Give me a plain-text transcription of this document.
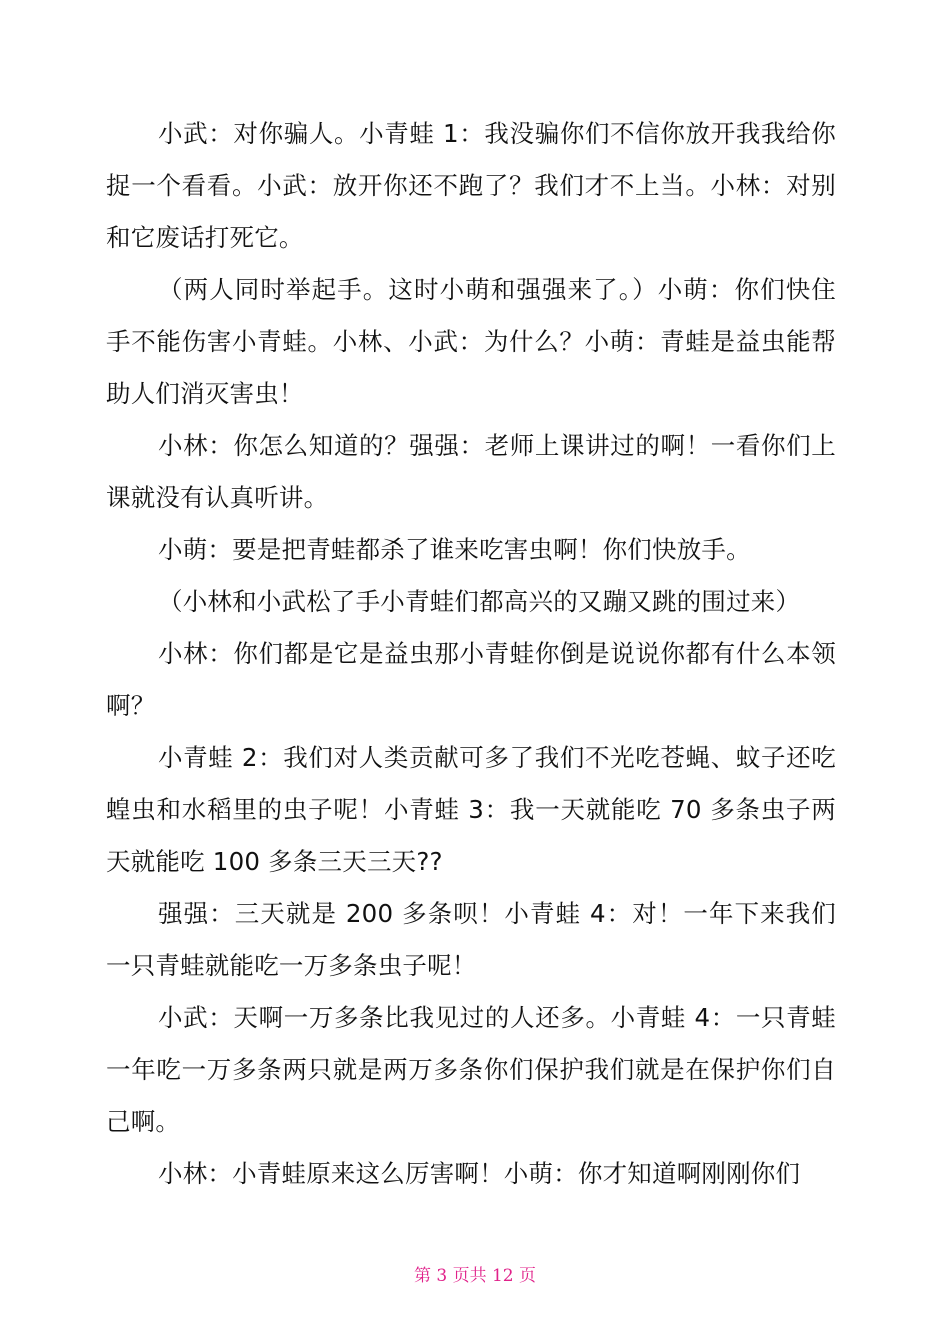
小武：对你骗人。小青蛙 1：我没骗你们不信你放开我我给你捉一个看看。小武：放开你还不跑了？我们才不上当。小林：对别和它废话打死它。

（两人同时举起手。这时小萌和强强来了。）小萌：你们快住手不能伤害小青蛙。小林、小武：为什么？小萌：青蛙是益虫能帮助人们消灭害虫！

小林：你怎么知道的？强强：老师上课讲过的啊！一看你们上课就没有认真听讲。

小萌：要是把青蛙都杀了谁来吃害虫啊！你们快放手。

（小林和小武松了手小青蛙们都高兴的又蹦又跳的围过来）

小林：你们都是它是益虫那小青蛙你倒是说说你都有什么本领啊？

小青蛙 2：我们对人类贡献可多了我们不光吃苍蝇、蚊子还吃蝗虫和水稻里的虫子呢！小青蛙 3：我一天就能吃 70 多条虫子两天就能吃 100 多条三天三天??

强强：三天就是 200 多条呗！小青蛙 4：对！一年下来我们一只青蛙就能吃一万多条虫子呢！

小武：天啊一万多条比我见过的人还多。小青蛙 4：一只青蛙一年吃一万多条两只就是两万多条你们保护我们就是在保护你们自己啊。

小林：小青蛙原来这么厉害啊！小萌：你才知道啊刚刚你们

第 3 页共 12 页
